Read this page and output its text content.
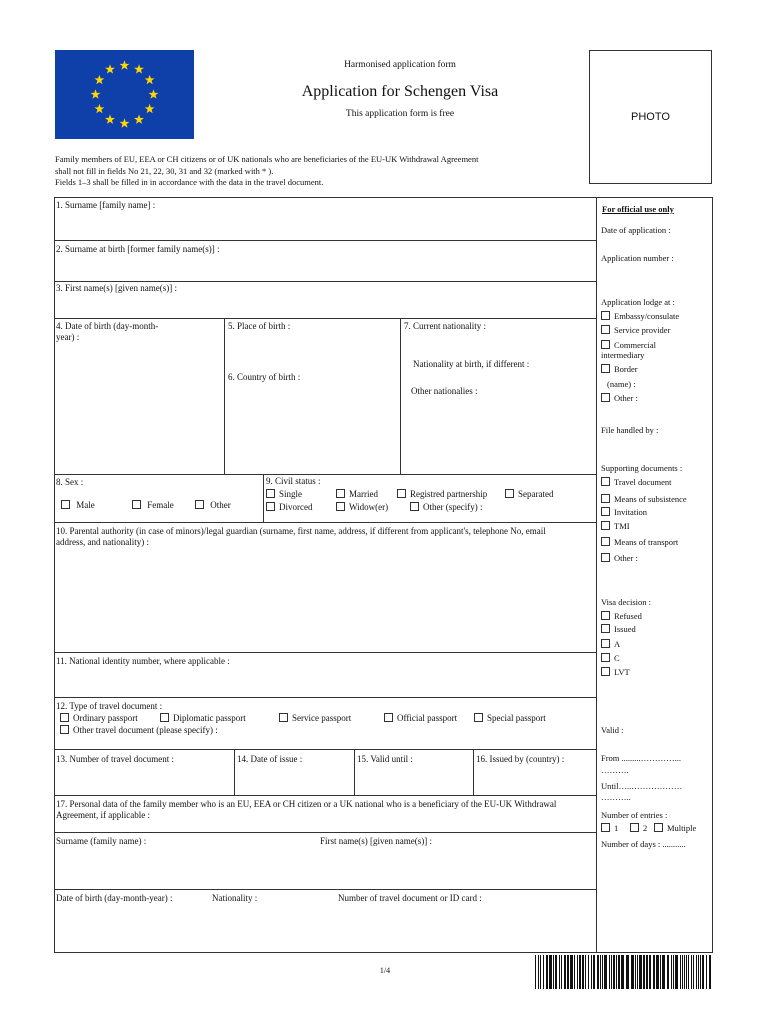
Harmonised application form
Application for Schengen Visa
This application form is free	PHOTO
Family members of EU, EEA or CH citizens or of UK nationals who are beneficiaries of the EU-UK Withdrawal Agreement
shall not fill in fields No 21, 22, 30, 31 and 32 (marked with * ).
Fields 1–3 shall be filled in in accordance with the data in the travel document.
1. Surname [family name] :
2. Surname at birth [former family name(s)] :
3. First name(s) [given name(s)] :
4. Date of birth (day-month-year) :
5. Place of birth :
6. Country of birth :
7. Current nationality :
Nationality at birth, if different :
Other nationalies :
8. Sex :
Male	Female	Other
9. Civil status :
Single	Married	Registred partnership	Separated
Divorced	Widow(er)	Other (specify) :
10. Parental authority (in case of minors)/legal guardian (surname, first name, address, if different from applicant's, telephone No, email address, and nationality) :
11. National identity number, where applicable :
12. Type of travel document :
Ordinary passport	Diplomatic passport	Service passport	Official passport	Special passport
Other travel document (please specify) :
13. Number of travel document :	14. Date of issue :	15. Valid until :	16. Issued by (country) :
17. Personal data of the family member who is an EU, EEA or CH citizen or a UK national who is a beneficiary of the EU-UK Withdrawal Agreement, if applicable :
Surname (family name) :	First name(s) [given name(s)] :
Date of birth (day-month-year) :	Nationality :	Number of travel document or ID card :
For official use only
Date of application :
Application number :
Application lodge at :
Embassy/consulate
Service provider
Commercial intermediary
Border
(name) :
Other :
File handled by :
Supporting documents :
Travel document
Means of subsistence
Invitation
TMI
Means of transport
Other :
Visa decision :
Refused
Issued
A
C
LVT
Valid :
From .........…………...
……….
Until…..………………
………..
Number of entries :
1	2	Multiple
Number of days : ...........
1/4
